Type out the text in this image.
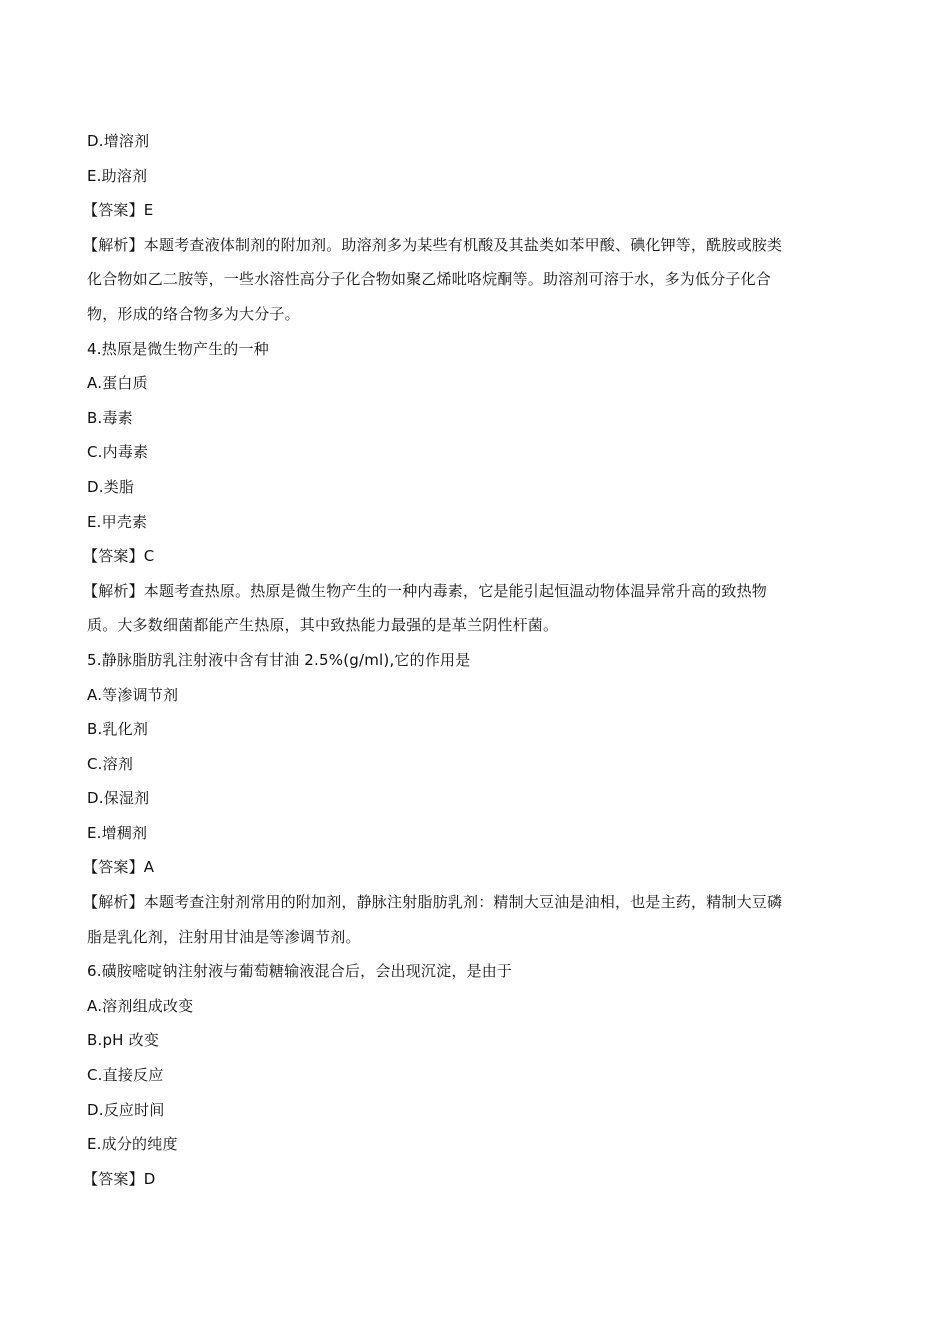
D.增溶剂
E.助溶剂
【答案】E
【解析】本题考查液体制剂的附加剂。助溶剂多为某些有机酸及其盐类如苯甲酸、碘化钾等，酰胺或胺类
化合物如乙二胺等，一些水溶性高分子化合物如聚乙烯吡咯烷酮等。助溶剂可溶于水，多为低分子化合
物，形成的络合物多为大分子。
4.热原是微生物产生的一种
A.蛋白质
B.毒素
C.内毒素
D.类脂
E.甲壳素
【答案】C
【解析】本题考查热原。热原是微生物产生的一种内毒素，它是能引起恒温动物体温异常升高的致热物
质。大多数细菌都能产生热原，其中致热能力最强的是革兰阴性杆菌。
5.静脉脂肪乳注射液中含有甘油 2.5%(g/ml),它的作用是
A.等渗调节剂
B.乳化剂
C.溶剂
D.保湿剂
E.增稠剂
【答案】A
【解析】本题考查注射剂常用的附加剂，静脉注射脂肪乳剂：精制大豆油是油相，也是主药，精制大豆磷
脂是乳化剂，注射用甘油是等渗调节剂。
6.磺胺嘧啶钠注射液与葡萄糖输液混合后，会出现沉淀，是由于
A.溶剂组成改变
B.pH 改变
C.直接反应
D.反应时间
E.成分的纯度
【答案】D
